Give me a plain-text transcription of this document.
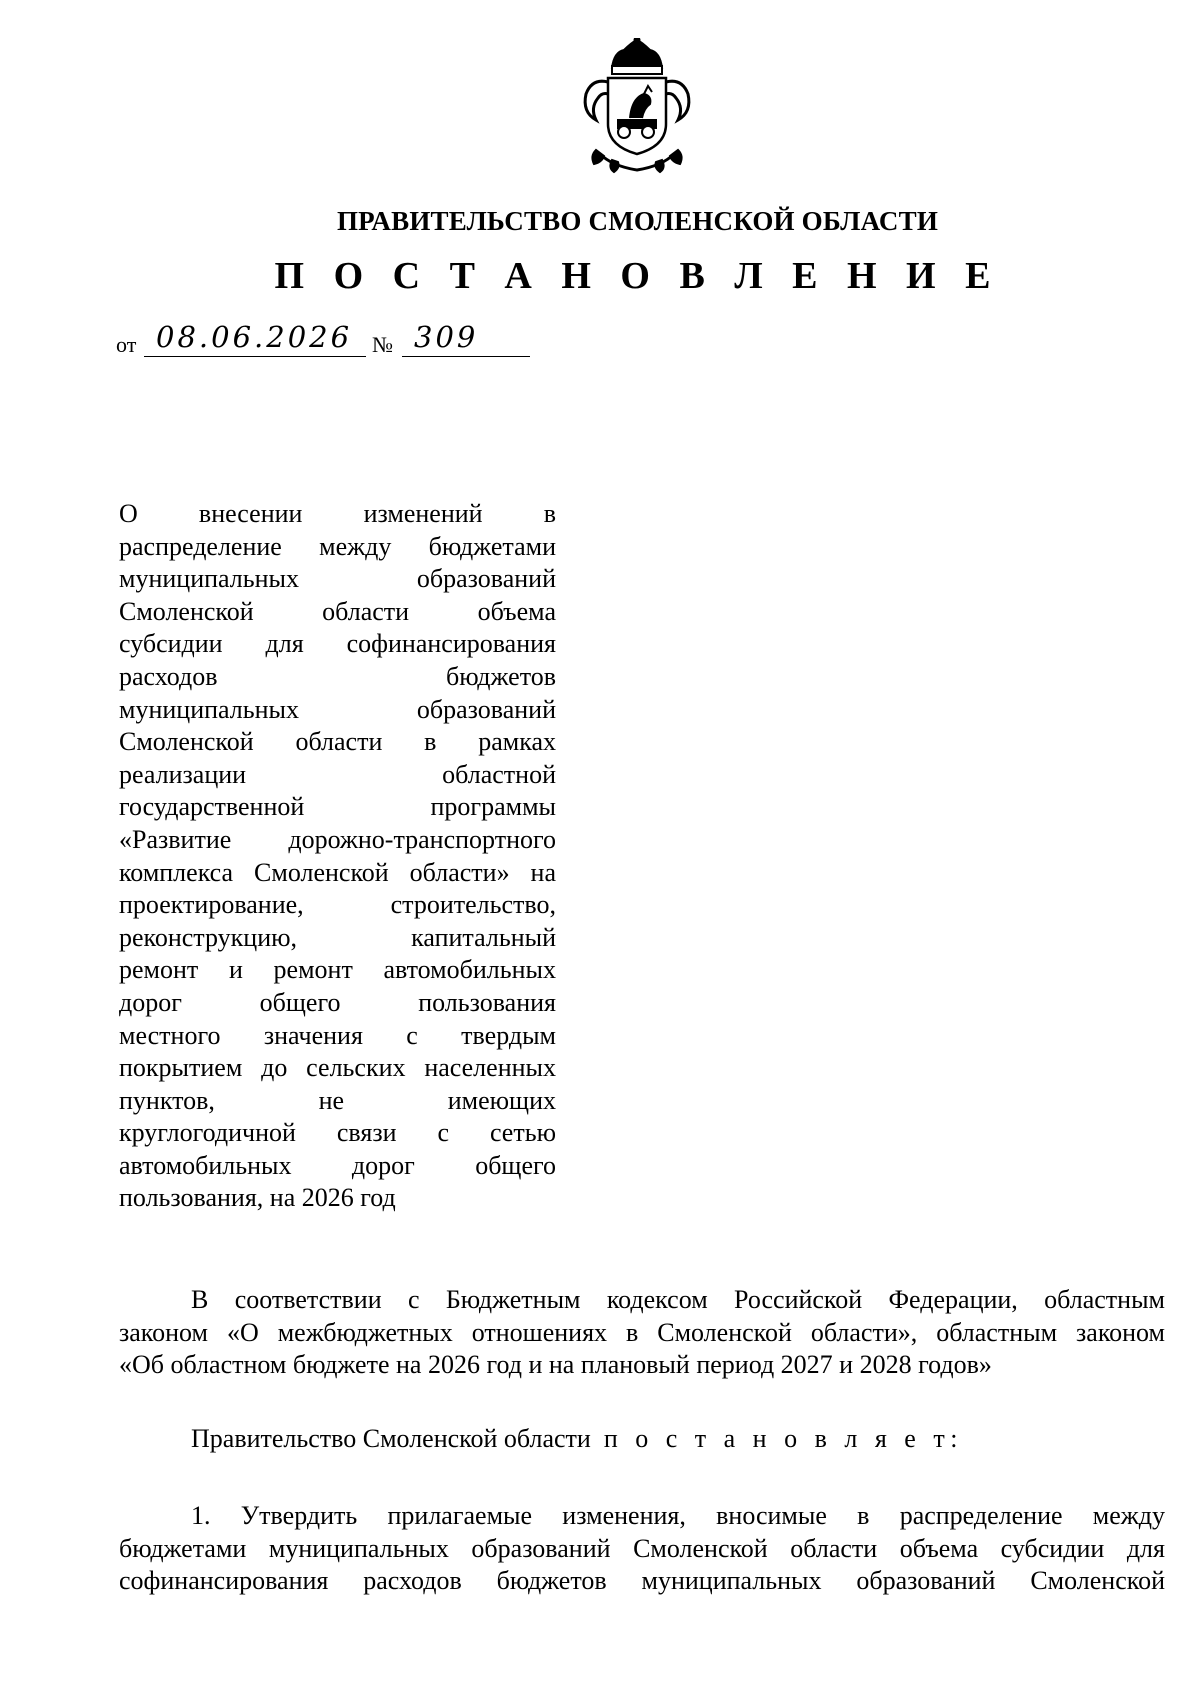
ПРАВИТЕЛЬСТВО СМОЛЕНСКОЙ ОБЛАСТИ
П О С Т А Н О В Л Е Н И Е
от 08.06.2026 № 309
О внесении изменений в
распределение между бюджетами
муниципальных образований
Смоленской области объема
субсидии для софинансирования
расходов бюджетов
муниципальных образований
Смоленской области в рамках
реализации областной
государственной программы
«Развитие дорожно-транспортного
комплекса Смоленской области» на
проектирование, строительство,
реконструкцию, капитальный
ремонт и ремонт автомобильных
дорог общего пользования
местного значения с твердым
покрытием до сельских населенных
пунктов, не имеющих
круглогодичной связи с сетью
автомобильных дорог общего
пользования, на 2026 год
В соответствии с Бюджетным кодексом Российской Федерации, областным
законом «О межбюджетных отношениях в Смоленской области», областным законом
«Об областном бюджете на 2026 год и на плановый период 2027 и 2028 годов»
Правительство Смоленской области п о с т а н о в л я е т:
1. Утвердить прилагаемые изменения, вносимые в распределение между
бюджетами муниципальных образований Смоленской области объема субсидии для
софинансирования расходов бюджетов муниципальных образований Смоленской
